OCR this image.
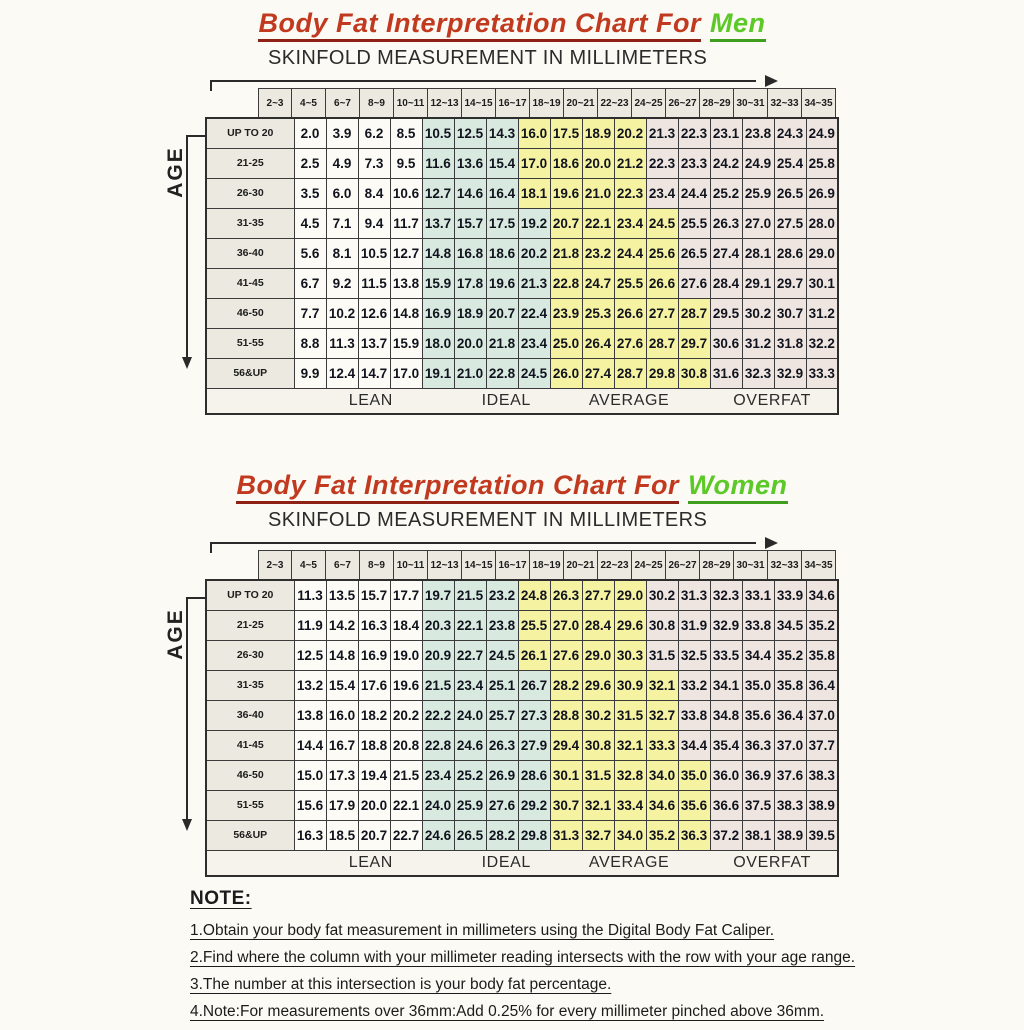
Body Fat Interpretation Chart For Men
SKINFOLD MEASUREMENT IN MILLIMETERS
2~3	4~5	6~7	8~9	10~11 12~13 14~15 16~17 18~19 20~21 22~23 24~25 26~27 28~29 30~31 32~33 34~35
UP TO 20	2.0	3.9	6.2	8.5	10.5	12.5	14.3	16.0	17.5	18.9	20.2	21.3	22.3	23.1	23.8	24.3	24.9
21-25	2.5	4.9	7.3	9.5	11.6	13.6	15.4	17.0	18.6	20.0	21.2	22.3	23.3	24.2	24.9	25.4	25.8
26-30	3.5	6.0	8.4	10.6	12.7	14.6	16.4	18.1	19.6	21.0	22.3	23.4	24.4	25.2	25.9	26.5	26.9
31-35	4.5	7.1	9.4	11.7	13.7	15.7	17.5	19.2	20.7	22.1	23.4	24.5	25.5	26.3	27.0	27.5	28.0
36-40	5.6	8.1	10.5	12.7	14.8	16.8	18.6	20.2	21.8	23.2	24.4	25.6	26.5	27.4	28.1	28.6	29.0
41-45	6.7	9.2	11.5	13.8	15.9	17.8	19.6	21.3	22.8	24.7	25.5	26.6	27.6	28.4	29.1	29.7	30.1
46-50	7.7	10.2	12.6	14.8	16.9	18.9	20.7	22.4	23.9	25.3	26.6	27.7	28.7	29.5	30.2	30.7	31.2
51-55	8.8	11.3	13.7	15.9	18.0	20.0	21.8	23.4	25.0	26.4	27.6	28.7	29.7	30.6	31.2	31.8	32.2
56&UP	9.9	12.4	14.7	17.0	19.1	21.0	22.8	24.5	26.0	27.4	28.7	29.8	30.8	31.6	32.3	32.9	33.3

LEAN IDEAL AVERAGE OVERFAT																	
AGE
Body Fat Interpretation Chart For Women
SKINFOLD MEASUREMENT IN MILLIMETERS
2~3	4~5	6~7	8~9	10~11 12~13 14~15 16~17 18~19 20~21 22~23 24~25 26~27 28~29 30~31 32~33 34~35
UP TO 20	11.3	13.5	15.7	17.7	19.7	21.5	23.2	24.8	26.3	27.7	29.0	30.2	31.3	32.3	33.1	33.9	34.6
21-25	11.9	14.2	16.3	18.4	20.3	22.1	23.8	25.5	27.0	28.4	29.6	30.8	31.9	32.9	33.8	34.5	35.2
26-30	12.5	14.8	16.9	19.0	20.9	22.7	24.5	26.1	27.6	29.0	30.3	31.5	32.5	33.5	34.4	35.2	35.8
31-35	13.2	15.4	17.6	19.6	21.5	23.4	25.1	26.7	28.2	29.6	30.9	32.1	33.2	34.1	35.0	35.8	36.4
36-40	13.8	16.0	18.2	20.2	22.2	24.0	25.7	27.3	28.8	30.2	31.5	32.7	33.8	34.8	35.6	36.4	37.0
41-45	14.4	16.7	18.8	20.8	22.8	24.6	26.3	27.9	29.4	30.8	32.1	33.3	34.4	35.4	36.3	37.0	37.7
46-50	15.0	17.3	19.4	21.5	23.4	25.2	26.9	28.6	30.1	31.5	32.8	34.0	35.0	36.0	36.9	37.6	38.3
51-55	15.6	17.9	20.0	22.1	24.0	25.9	27.6	29.2	30.7	32.1	33.4	34.6	35.6	36.6	37.5	38.3	38.9
56&UP	16.3	18.5	20.7	22.7	24.6	26.5	28.2	29.8	31.3	32.7	34.0	35.2	36.3	37.2	38.1	38.9	39.5

LEAN IDEAL AVERAGE OVERFAT																	
AGE
NOTE:
1.Obtain your body fat measurement in millimeters using the Digital Body Fat Caliper.
2.Find where the column with your millimeter reading intersects with the row with your age range.
3.The number at this intersection is your body fat percentage.
4.Note:For measurements over 36mm:Add 0.25% for every millimeter pinched above 36mm.
